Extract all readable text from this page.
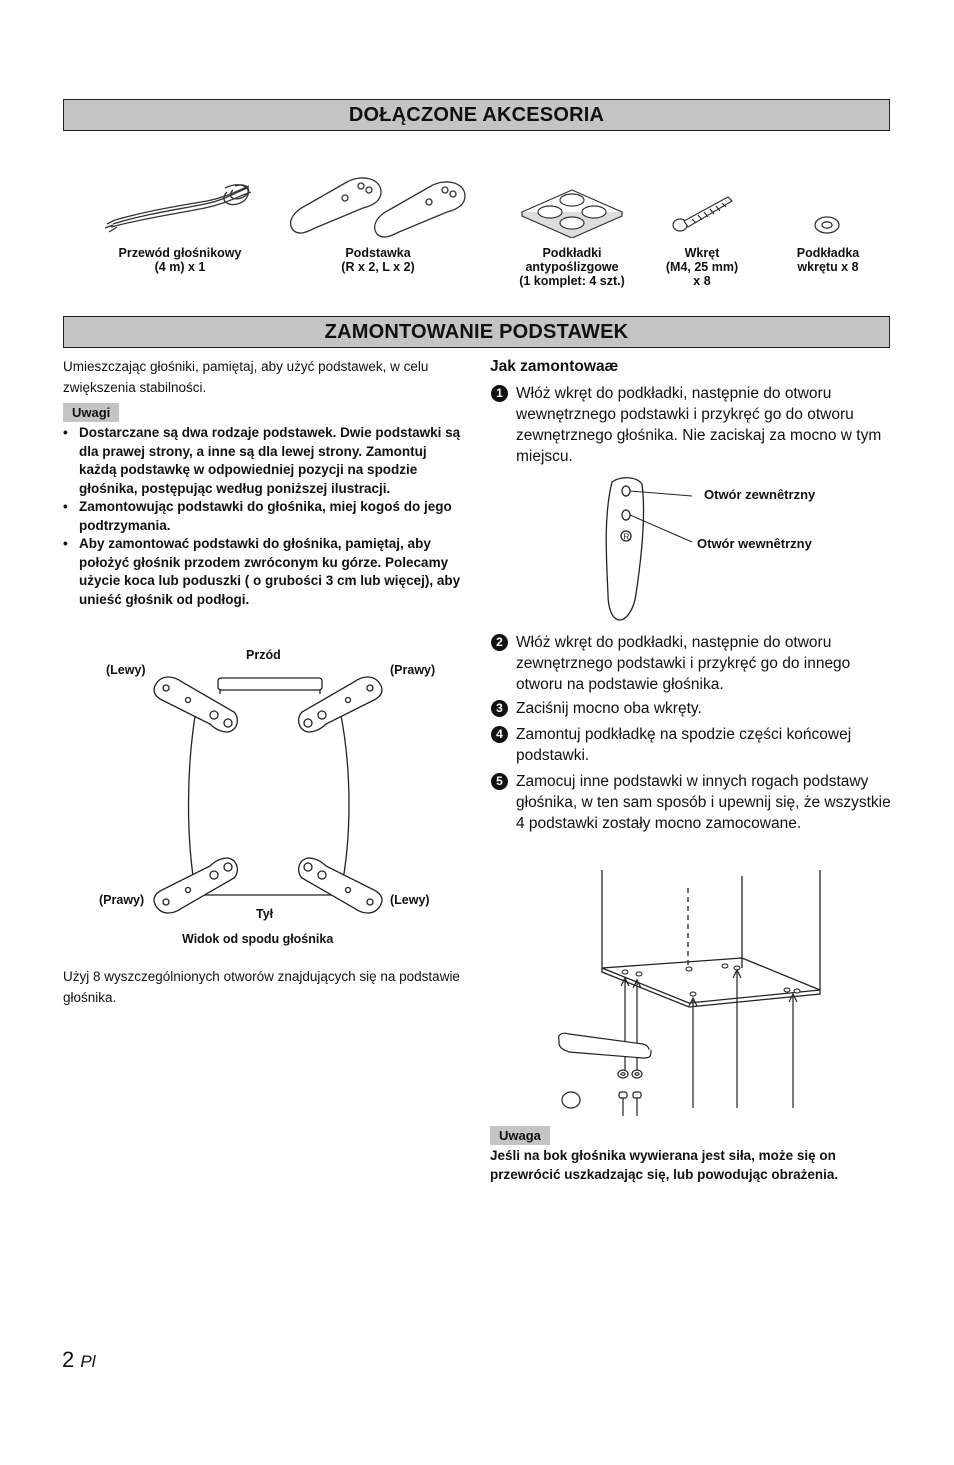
DOŁĄCZONE AKCESORIA
Przewód głośnikowy
(4 m) x 1
Podstawka
(R x 2, L x 2)
Podkładki
antypoślizgowe
(1 komplet: 4 szt.)
Wkręt
(M4, 25 mm)
x 8
Podkładka
wkrętu x 8
ZAMONTOWANIE PODSTAWEK
Umieszczając głośniki, pamiętaj, aby użyć podstawek, w celu zwiększenia stabilności.
Uwagi
• Dostarczane są dwa rodzaje podstawek. Dwie podstawki są dla prawej strony, a inne są dla lewej strony. Zamontuj każdą podstawkę w odpowiedniej pozycji na spodzie głośnika, postępując według poniższej ilustracji.
• Zamontowując podstawki do głośnika, miej kogoś do jego podtrzymania.
• Aby zamontować podstawki do głośnika, pamiętaj, aby położyć głośnik przodem zwróconym ku górze. Polecamy użycie koca lub poduszki ( o grubości 3 cm lub więcej), aby unieść głośnik od podłogi.
Przód
(Lewy)	(Prawy)
(Prawy)	(Lewy)
Tył
Widok od spodu głośnika
Użyj 8 wyszczególnionych otworów znajdujących się na podstawie głośnika.
Jak zamontowaæ
1 Włóż wkręt do podkładki, następnie do otworu wewnętrznego podstawki i przykręć go do otworu zewnętrznego głośnika. Nie zaciskaj za mocno w tym miejscu.
R
Otwór zewnêtrzny
Otwór wewnêtrzny
2 Włóż wkręt do podkładki, następnie do otworu zewnętrznego podstawki i przykręć go do innego otworu na podstawie głośnika.
3 Zaciśnij mocno oba wkręty.
4 Zamontuj podkładkę na spodzie części końcowej podstawki.
5 Zamocuj inne podstawki w innych rogach podstawy głośnika, w ten sam sposób i upewnij się, że wszystkie 4 podstawki zostały mocno zamocowane.
Uwaga
Jeśli na bok głośnika wywierana jest siła, może się on przewrócić uszkadzając się, lub powodując obrażenia.
2 Pl
